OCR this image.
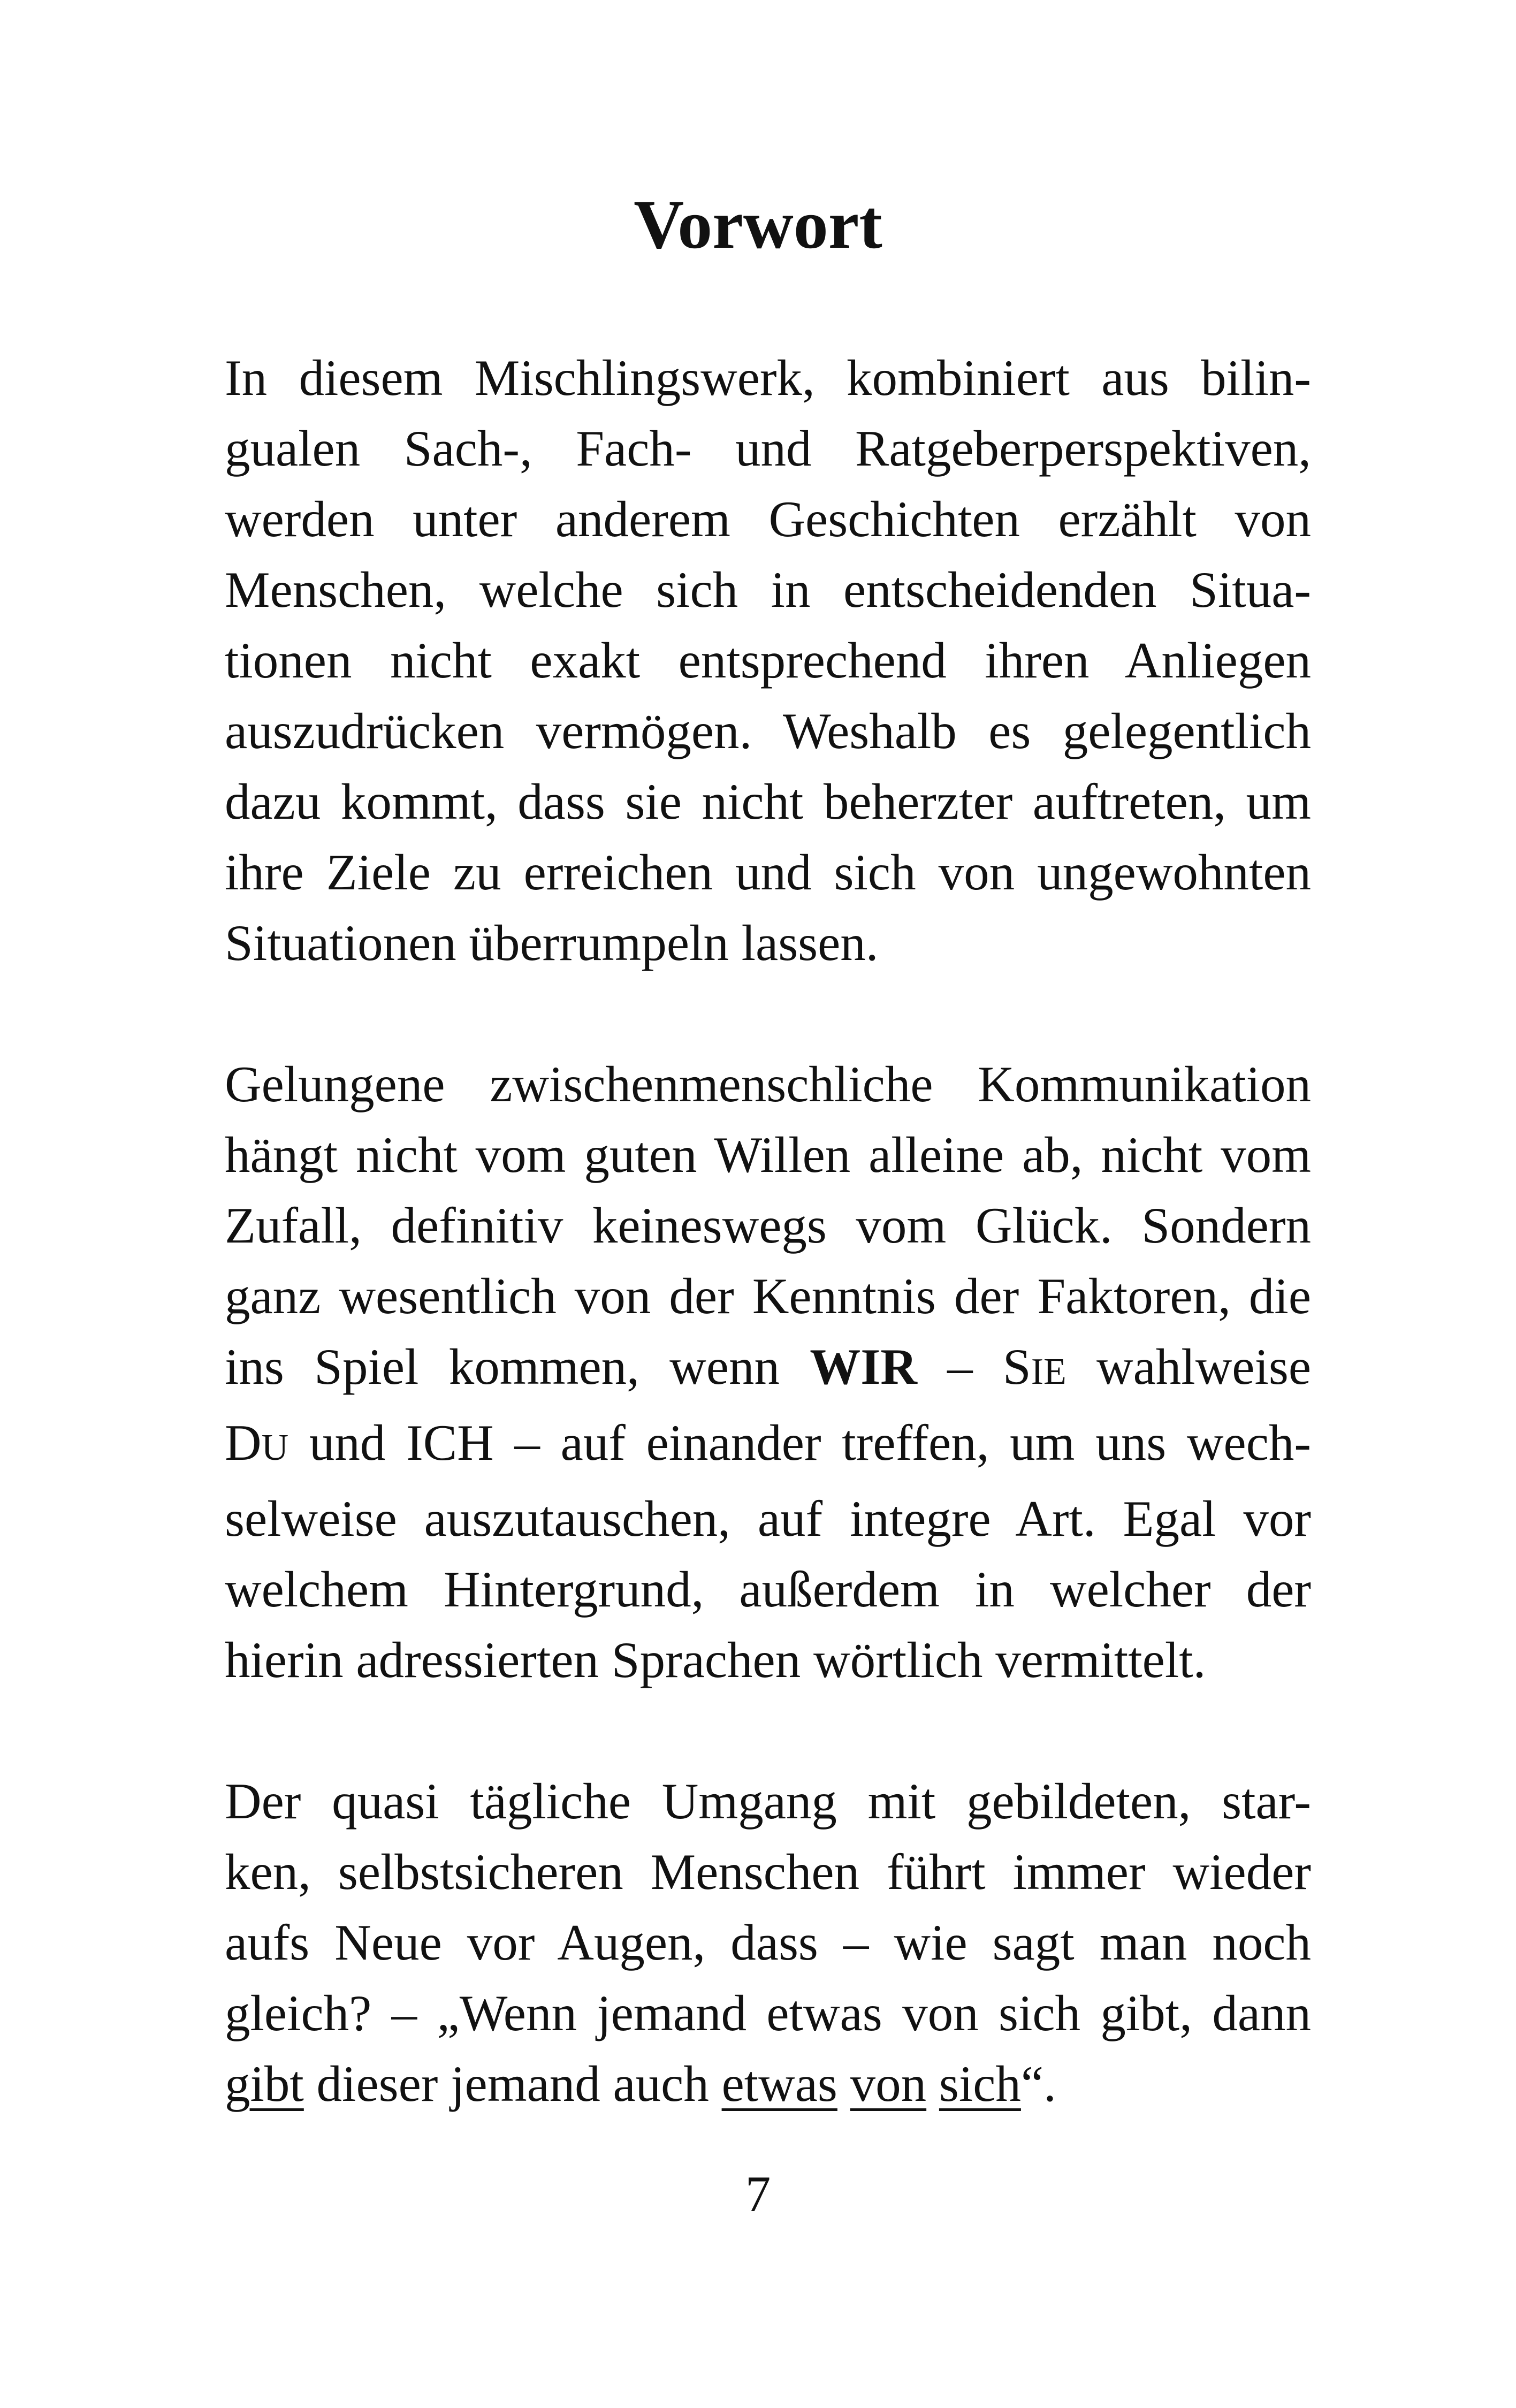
Vorwort

In diesem Mischlingswerk, kombiniert aus bilin-
gualen Sach-, Fach- und Ratgeberperspektiven,
werden unter anderem Geschichten erzählt von
Menschen, welche sich in entscheidenden Situa-
tionen nicht exakt entsprechend ihren Anliegen
auszudrücken vermögen. Weshalb es gelegentlich
dazu kommt, dass sie nicht beherzter auftreten, um
ihre Ziele zu erreichen und sich von ungewohnten
Situationen überrumpeln lassen.

Gelungene zwischenmenschliche Kommunikation
hängt nicht vom guten Willen alleine ab, nicht vom
Zufall, definitiv keineswegs vom Glück. Sondern
ganz wesentlich von der Kenntnis der Faktoren, die
ins Spiel kommen, wenn WIR – SIE wahlweise
DU und ICH – auf einander treffen, um uns wech-
selweise auszutauschen, auf integre Art. Egal vor
welchem Hintergrund, außerdem in welcher der
hierin adressierten Sprachen wörtlich vermittelt.

Der quasi tägliche Umgang mit gebildeten, star-
ken, selbstsicheren Menschen führt immer wieder
aufs Neue vor Augen, dass – wie sagt man noch
gleich? – „Wenn jemand etwas von sich gibt, dann
gibt dieser jemand auch etwas von sich“.

7
